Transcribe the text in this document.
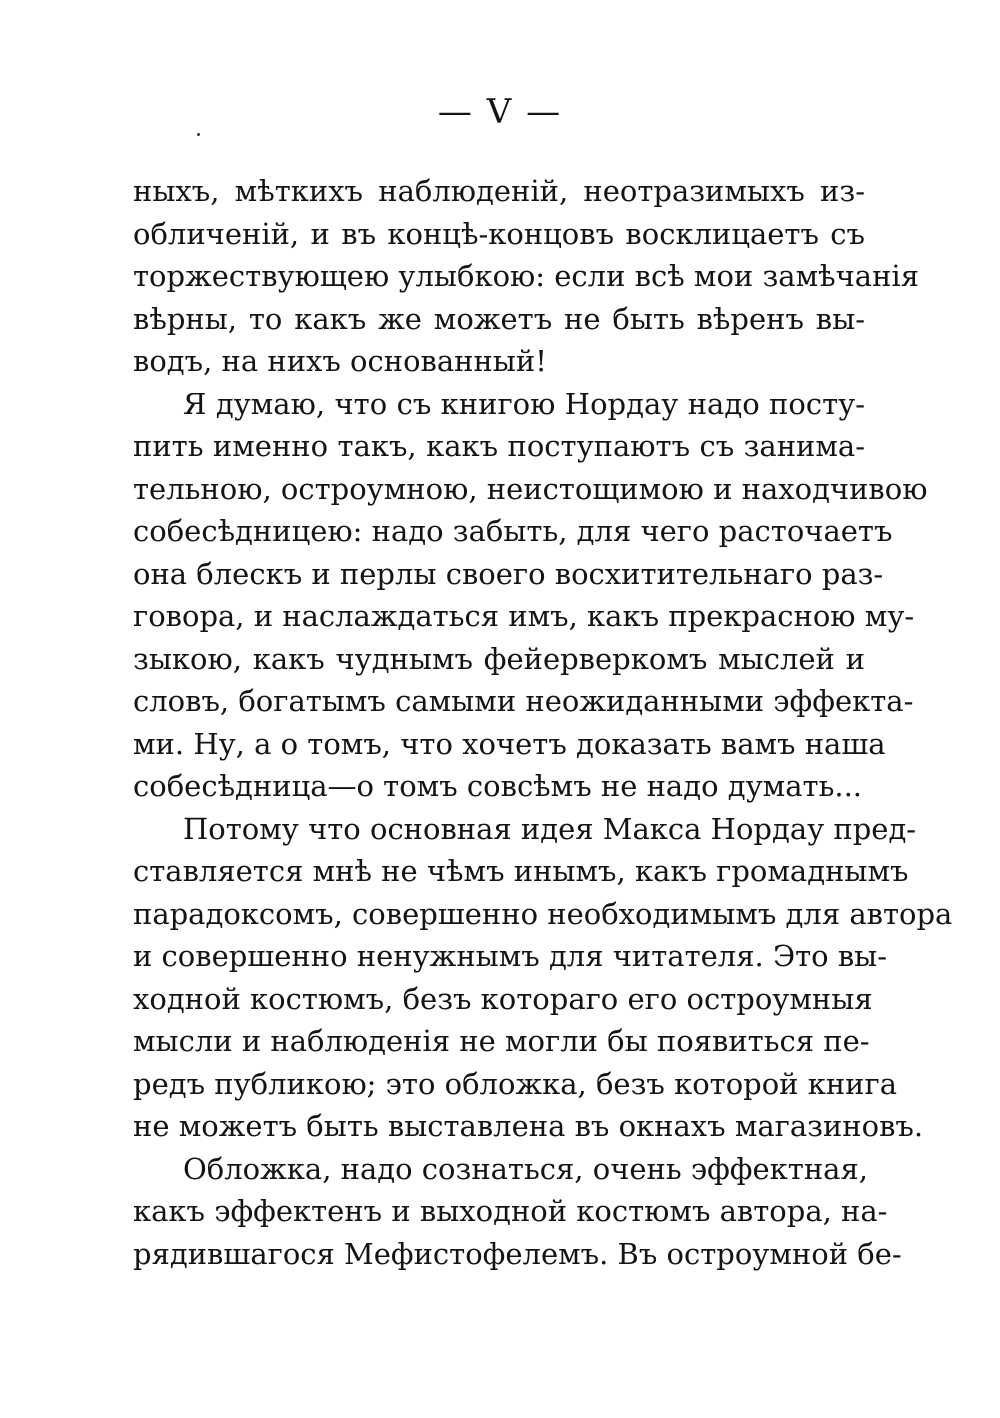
— V —
ныхъ, мѣткихъ наблюденій, неотразимыхъ из-
обличеній, и въ концѣ-концовъ восклицаетъ съ
торжествующею улыбкою: если всѣ мои замѣчанія
вѣрны, то какъ же можетъ не быть вѣренъ вы-
водъ, на нихъ основанный!
Я думаю, что съ книгою Нордау надо посту-
пить именно такъ, какъ поступаютъ съ занима-
тельною, остроумною, неистощимою и находчивою
собесѣдницею: надо забыть, для чего расточаетъ
она блескъ и перлы своего восхитительнаго раз-
говора, и наслаждаться имъ, какъ прекрасною му-
зыкою, какъ чуднымъ фейерверкомъ мыслей и
словъ, богатымъ самыми неожиданными эффекта-
ми. Ну, а о томъ, что хочетъ доказать вамъ наша
собесѣдница—о томъ совсѣмъ не надо думать...
Потому что основная идея Макса Нордау пред-
ставляется мнѣ не чѣмъ инымъ, какъ громаднымъ
парадоксомъ, совершенно необходимымъ для автора
и совершенно ненужнымъ для читателя. Это вы-
ходной костюмъ, безъ котораго его остроумныя
мысли и наблюденія не могли бы появиться пе-
редъ публикою; это обложка, безъ которой книга
не можетъ быть выставлена въ окнахъ магазиновъ.
Обложка, надо сознаться, очень эффектная,
какъ эффектенъ и выходной костюмъ автора, на-
рядившагося Мефистофелемъ. Въ остроумной бе-
